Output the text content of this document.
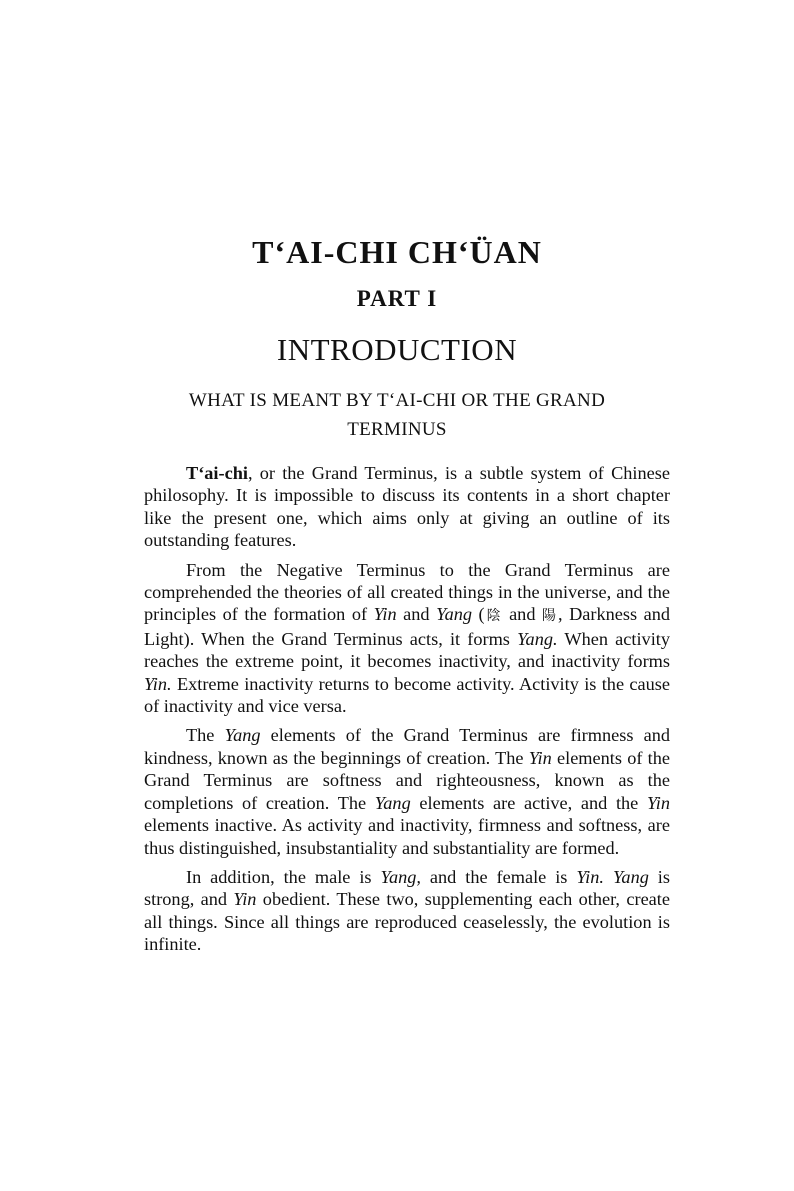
T‘AI-CHI CH‘ÜAN
PART I
INTRODUCTION
WHAT IS MEANT BY T‘AI-CHI OR THE GRAND TERMINUS

T‘ai-chi, or the Grand Terminus, is a subtle system of Chinese philosophy. It is impossible to discuss its contents in a short chapter like the present one, which aims only at giving an outline of its outstanding features.

From the Negative Terminus to the Grand Terminus are comprehended the theories of all created things in the universe, and the principles of the formation of Yin and Yang (陰 and 陽, Darkness and Light). When the Grand Terminus acts, it forms Yang. When activity reaches the extreme point, it becomes inactivity, and inactivity forms Yin. Extreme inactivity returns to become activity. Activity is the cause of inactivity and vice versa.

The Yang elements of the Grand Terminus are firmness and kindness, known as the beginnings of creation. The Yin elements of the Grand Terminus are softness and righteousness, known as the completions of creation. The Yang elements are active, and the Yin elements inactive. As activity and inactivity, firmness and softness, are thus distinguished, insubstantiality and substantiality are formed.

In addition, the male is Yang, and the female is Yin. Yang is strong, and Yin obedient. These two, supplementing each other, create all things. Since all things are reproduced ceaselessly, the evolution is infinite.
